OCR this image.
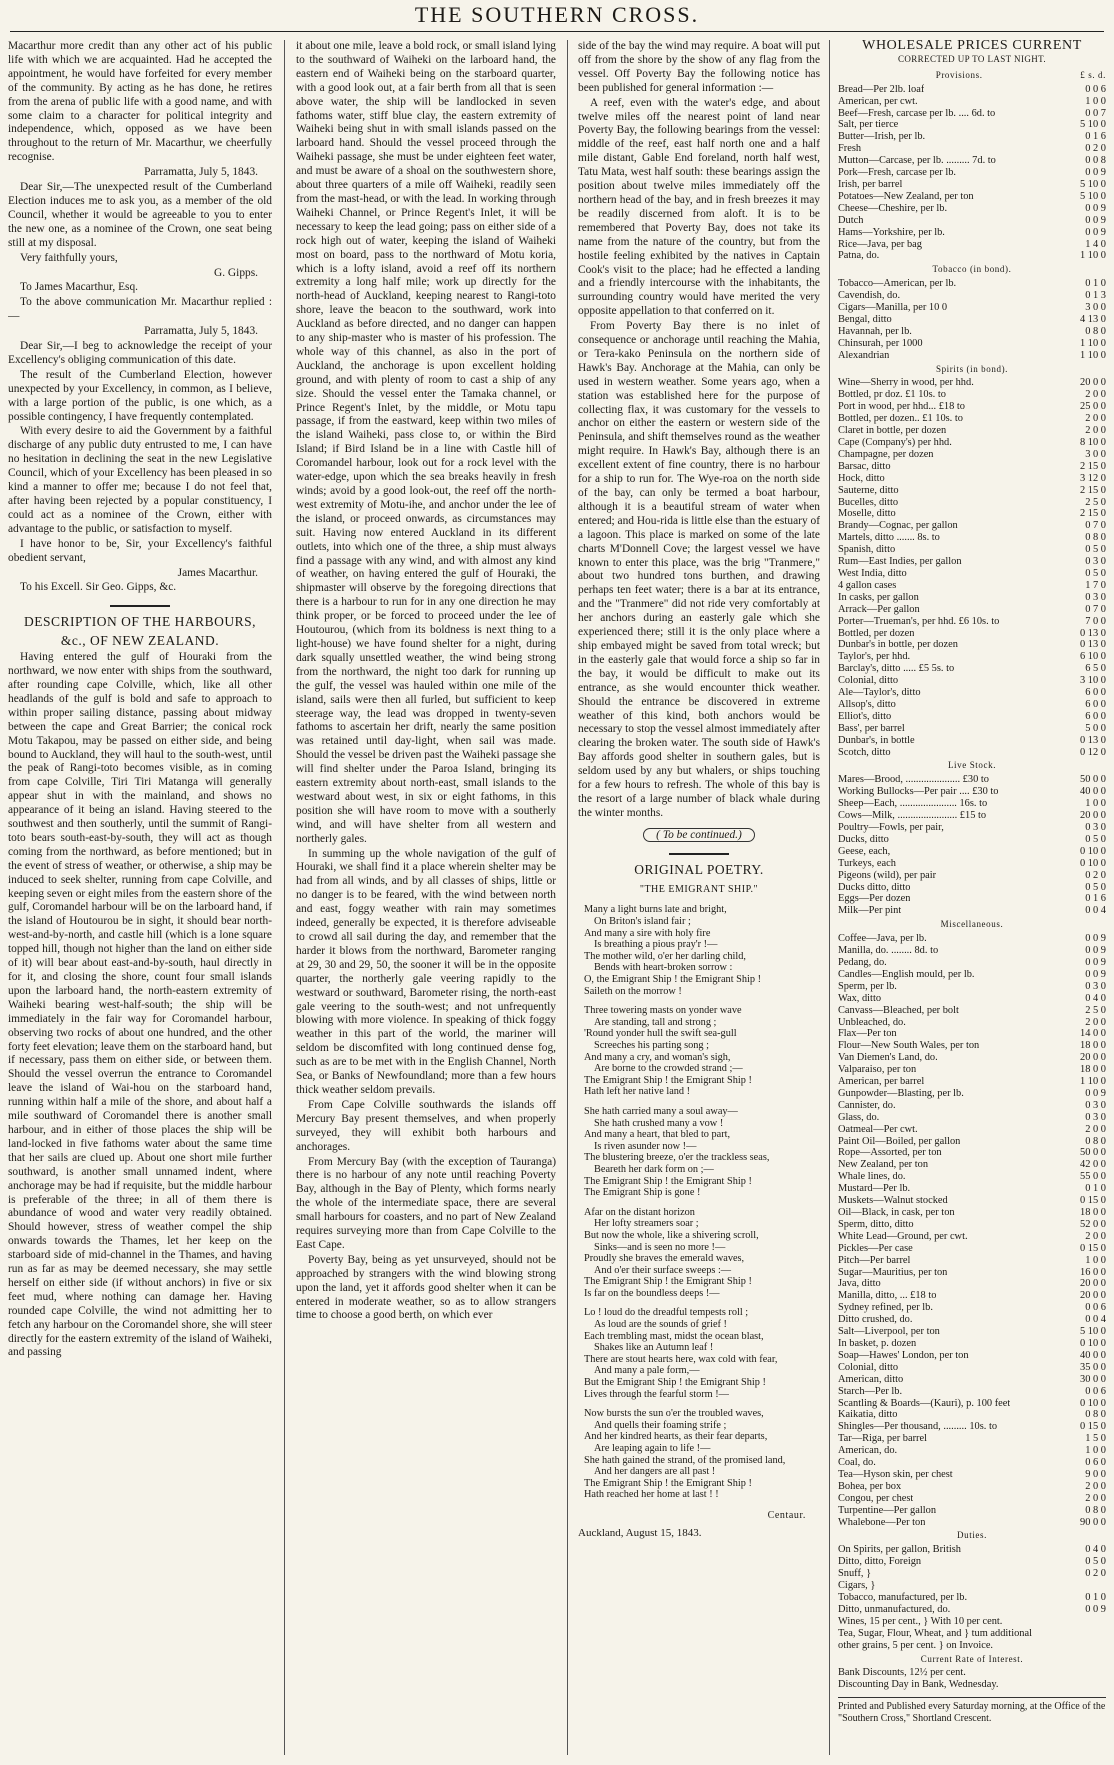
THE SOUTHERN CROSS.

Macarthur more credit than any other act of his public life with which we are acquainted. Had he accepted the appointment, he would have forfeited for every member of the community. By acting as he has done, he retires from the arena of public life with a good name, and with some claim to a character for political integrity and independence, which, opposed as we have been throughout to the return of Mr. Macarthur, we cheerfully recognise.

Parramatta, July 5, 1843.

Dear Sir,—The unexpected result of the Cumberland Election induces me to ask you, as a member of the old Council, whether it would be agreeable to you to enter the new one, as a nominee of the Crown, one seat being still at my disposal.

Very faithfully yours,

G. Gipps.

To James Macarthur, Esq.

To the above communication Mr. Macarthur replied :—

Parramatta, July 5, 1843.

Dear Sir,—I beg to acknowledge the receipt of your Excellency's obliging communication of this date.

The result of the Cumberland Election, however unexpected by your Excellency, in common, as I believe, with a large portion of the public, is one which, as a possible contingency, I have frequently contemplated.

With every desire to aid the Government by a faithful discharge of any public duty entrusted to me, I can have no hesitation in declining the seat in the new Legislative Council, which of your Excellency has been pleased in so kind a manner to offer me; because I do not feel that, after having been rejected by a popular constituency, I could act as a nominee of the Crown, either with advantage to the public, or satisfaction to myself.

I have honor to be, Sir, your Excellency's faithful obedient servant,

James Macarthur.

To his Excell. Sir Geo. Gipps, &c.

DESCRIPTION OF THE HARBOURS,
&c., OF NEW ZEALAND.

Having entered the gulf of Houraki from the northward, we now enter with ships from the southward, after rounding cape Colville, which, like all other headlands of the gulf is bold and safe to approach to within proper sailing distance, passing about midway between the cape and Great Barrier; the conical rock Motu Takapou, may be passed on either side, and being bound to Auckland, they will haul to the south-west, until the peak of Rangi-toto becomes visible, as in coming from cape Colville, Tiri Tiri Matanga will generally appear shut in with the mainland, and shows no appearance of it being an island. Having steered to the southwest and then southerly, until the summit of Rangi-toto bears south-east-by-south, they will act as though coming from the northward, as before mentioned; but in the event of stress of weather, or otherwise, a ship may be induced to seek shelter, running from cape Colville, and keeping seven or eight miles from the eastern shore of the gulf, Coromandel harbour will be on the larboard hand, if the island of Houtourou be in sight, it should bear north-west-and-by-north, and castle hill (which is a lone square topped hill, though not higher than the land on either side of it) will bear about east-and-by-south, haul directly in for it, and closing the shore, count four small islands upon the larboard hand, the north-eastern extremity of Waiheki bearing west-half-south; the ship will be immediately in the fair way for Coromandel harbour, observing two rocks of about one hundred, and the other forty feet elevation; leave them on the starboard hand, but if necessary, pass them on either side, or between them. Should the vessel overrun the entrance to Coromandel leave the island of Wai-hou on the starboard hand, running within half a mile of the shore, and about half a mile southward of Coromandel there is another small harbour, and in either of those places the ship will be land-locked in five fathoms water about the same time that her sails are clued up. About one short mile further southward, is another small unnamed indent, where anchorage may be had if requisite, but the middle harbour is preferable of the three; in all of them there is abundance of wood and water very readily obtained. Should however, stress of weather compel the ship onwards towards the Thames, let her keep on the starboard side of mid-channel in the Thames, and having run as far as may be deemed necessary, she may settle herself on either side (if without anchors) in five or six feet mud, where nothing can damage her. Having rounded cape Colville, the wind not admitting her to fetch any harbour on the Coromandel shore, she will steer directly for the eastern extremity of the island of Waiheki, and passing

it about one mile, leave a bold rock, or small island lying to the southward of Waiheki on the larboard hand, the eastern end of Waiheki being on the starboard quarter, with a good look out, at a fair berth from all that is seen above water, the ship will be landlocked in seven fathoms water, stiff blue clay, the eastern extremity of Waiheki being shut in with small islands passed on the larboard hand. Should the vessel proceed through the Waiheki passage, she must be under eighteen feet water, and must be aware of a shoal on the southwestern shore, about three quarters of a mile off Waiheki, readily seen from the mast-head, or with the lead. In working through Waiheki Channel, or Prince Regent's Inlet, it will be necessary to keep the lead going; pass on either side of a rock high out of water, keeping the island of Waiheki most on board, pass to the northward of Motu koria, which is a lofty island, avoid a reef off its northern extremity a long half mile; work up directly for the north-head of Auckland, keeping nearest to Rangi-toto shore, leave the beacon to the southward, work into Auckland as before directed, and no danger can happen to any ship-master who is master of his profession. The whole way of this channel, as also in the port of Auckland, the anchorage is upon excellent holding ground, and with plenty of room to cast a ship of any size. Should the vessel enter the Tamaka channel, or Prince Regent's Inlet, by the middle, or Motu tapu passage, if from the eastward, keep within two miles of the island Waiheki, pass close to, or within the Bird Island; if Bird Island be in a line with Castle hill of Coromandel harbour, look out for a rock level with the water-edge, upon which the sea breaks heavily in fresh winds; avoid by a good look-out, the reef off the north-west extremity of Motu-ihe, and anchor under the lee of the island, or proceed onwards, as circumstances may suit. Having now entered Auckland in its different outlets, into which one of the three, a ship must always find a passage with any wind, and with almost any kind of weather, on having entered the gulf of Houraki, the shipmaster will observe by the foregoing directions that there is a harbour to run for in any one direction he may think proper, or be forced to proceed under the lee of Houtourou, (which from its boldness is next thing to a light-house) we have found shelter for a night, during dark squally unsettled weather, the wind being strong from the northward, the night too dark for running up the gulf, the vessel was hauled within one mile of the island, sails were then all furled, but sufficient to keep steerage way, the lead was dropped in twenty-seven fathoms to ascertain her drift, nearly the same position was retained until day-light, when sail was made. Should the vessel be driven past the Waiheki passage she will find shelter under the Paroa Island, bringing its eastern extremity about north-east, small islands to the westward about west, in six or eight fathoms, in this position she will have room to move with a southerly wind, and will have shelter from all western and northerly gales.

In summing up the whole navigation of the gulf of Houraki, we shall find it a place wherein shelter may be had from all winds, and by all classes of ships, little or no danger is to be feared, with the wind between north and east, foggy weather with rain may sometimes indeed, generally be expected, it is therefore adviseable to crowd all sail during the day, and remember that the harder it blows from the northward, Barometer ranging at 29, 30 and 29, 50, the sooner it will be in the opposite quarter, the northerly gale veering rapidly to the westward or southward, Barometer rising, the north-east gale veering to the south-west; and not unfrequently blowing with more violence. In speaking of thick foggy weather in this part of the world, the mariner will seldom be discomfited with long continued dense fog, such as are to be met with in the English Channel, North Sea, or Banks of Newfoundland; more than a few hours thick weather seldom prevails.

From Cape Colville southwards the islands off Mercury Bay present themselves, and when properly surveyed, they will exhibit both harbours and anchorages.

From Mercury Bay (with the exception of Tauranga) there is no harbour of any note until reaching Poverty Bay, although in the Bay of Plenty, which forms nearly the whole of the intermediate space, there are several small harbours for coasters, and no part of New Zealand requires surveying more than from Cape Colville to the East Cape.

Poverty Bay, being as yet unsurveyed, should not be approached by strangers with the wind blowing strong upon the land, yet it affords good shelter when it can be entered in moderate weather, so as to allow strangers time to choose a good berth, on which ever

side of the bay the wind may require. A boat will put off from the shore by the show of any flag from the vessel. Off Poverty Bay the following notice has been published for general information :—

A reef, even with the water's edge, and about twelve miles off the nearest point of land near Poverty Bay, the following bearings from the vessel: middle of the reef, east half north one and a half mile distant, Gable End foreland, north half west, Tatu Mata, west half south: these bearings assign the position about twelve miles immediately off the northern head of the bay, and in fresh breezes it may be readily discerned from aloft. It is to be remembered that Poverty Bay, does not take its name from the nature of the country, but from the hostile feeling exhibited by the natives in Captain Cook's visit to the place; had he effected a landing and a friendly intercourse with the inhabitants, the surrounding country would have merited the very opposite appellation to that conferred on it.

From Poverty Bay there is no inlet of consequence or anchorage until reaching the Mahia, or Tera-kako Peninsula on the northern side of Hawk's Bay. Anchorage at the Mahia, can only be used in western weather. Some years ago, when a station was established here for the purpose of collecting flax, it was customary for the vessels to anchor on either the eastern or western side of the Peninsula, and shift themselves round as the weather might require. In Hawk's Bay, although there is an excellent extent of fine country, there is no harbour for a ship to run for. The Wye-roa on the north side of the bay, can only be termed a boat harbour, although it is a beautiful stream of water when entered; and Hou-rida is little else than the estuary of a lagoon. This place is marked on some of the late charts M'Donnell Cove; the largest vessel we have known to enter this place, was the brig "Tranmere," about two hundred tons burthen, and drawing perhaps ten feet water; there is a bar at its entrance, and the "Tranmere" did not ride very comfortably at her anchors during an easterly gale which she experienced there; still it is the only place where a ship embayed might be saved from total wreck; but in the easterly gale that would force a ship so far in the bay, it would be difficult to make out its entrance, as she would encounter thick weather. Should the entrance be discovered in extreme weather of this kind, both anchors would be necessary to stop the vessel almost immediately after clearing the broken water. The south side of Hawk's Bay affords good shelter in southern gales, but is seldom used by any but whalers, or ships touching for a few hours to refresh. The whole of this bay is the resort of a large number of black whale during the winter months.

( To be continued.)
ORIGINAL POETRY.
"THE EMIGRANT SHIP."
Many a light burns late and bright,
On Briton's island fair ;
And many a sire with holy fire
Is breathing a pious pray'r !—
The mother wild, o'er her darling child,
Bends with heart-broken sorrow :
O, the Emigrant Ship ! the Emigrant Ship !
Saileth on the morrow !
Three towering masts on yonder wave
Are standing, tall and strong ;
'Round yonder hull the swift sea-gull
Screeches his parting song ;
And many a cry, and woman's sigh,
Are borne to the crowded strand ;—
The Emigrant Ship ! the Emigrant Ship !
Hath left her native land !
She hath carried many a soul away—
She hath crushed many a vow !
And many a heart, that bled to part,
Is riven asunder now !—
The blustering breeze, o'er the trackless seas,
Beareth her dark form on ;—
The Emigrant Ship ! the Emigrant Ship !
The Emigrant Ship is gone !
Afar on the distant horizon
Her lofty streamers soar ;
But now the whole, like a shivering scroll,
Sinks—and is seen no more !—
Proudly she braves the emerald waves,
And o'er their surface sweeps :—
The Emigrant Ship ! the Emigrant Ship !
Is far on the boundless deeps !—
Lo ! loud do the dreadful tempests roll ;
As loud are the sounds of grief !
Each trembling mast, midst the ocean blast,
Shakes like an Autumn leaf !
There are stout hearts here, wax cold with fear,
And many a pale form,—
But the Emigrant Ship ! the Emigrant Ship !
Lives through the fearful storm !—
Now bursts the sun o'er the troubled waves,
And quells their foaming strife ;
And her kindred hearts, as their fear departs,
Are leaping again to life !—
She hath gained the strand, of the promised land,
And her dangers are all past !
The Emigrant Ship ! the Emigrant Ship !
Hath reached her home at last ! !
Centaur.
Auckland, August 15, 1843.
WHOLESALE PRICES CURRENT
CORRECTED UP TO LAST NIGHT.
Provisions.	£ s. d.
Bread—Per 2lb. loaf	0 0 6
American, per cwt.	1 0 0
Beef—Fresh, carcase per lb. .... 6d. to	0 0 7
Salt, per tierce	5 10 0
Butter—Irish, per lb.	0 1 6
Fresh	0 2 0
Mutton—Carcase, per lb. ......... 7d. to	0 0 8
Pork—Fresh, carcase per lb.	0 0 9
Irish, per barrel	5 10 0
Potatoes—New Zealand, per ton	5 10 0
Cheese—Cheshire, per lb.	0 0 9
Dutch	0 0 9
Hams—Yorkshire, per lb.	0 0 9
Rice—Java, per bag	1 4 0
Patna, do.	1 10 0
Tobacco (in bond).
Tobacco—American, per lb.	0 1 0
Cavendish, do.	0 1 3
Cigars—Manilla, per 10 0	3 0 0
Bengal, ditto	4 13 0
Havannah, per lb.	0 8 0
Chinsurah, per 1000	1 10 0
Alexandrian	1 10 0
Spirits (in bond).
Wine—Sherry in wood, per hhd.	20 0 0
Bottled, pr doz. £1 10s. to	2 0 0
Port in wood, per hhd... £18 to	25 0 0
Bottled, per dozen.. £1 10s. to	2 0 0
Claret in bottle, per dozen	2 0 0
Cape (Company's) per hhd.	8 10 0
Champagne, per dozen	3 0 0
Barsac, ditto	2 15 0
Hock, ditto	3 12 0
Sauterne, ditto	2 15 0
Bucelles, ditto	2 5 0
Moselle, ditto	2 15 0
Brandy—Cognac, per gallon	0 7 0
Martels, ditto ....... 8s. to	0 8 0
Spanish, ditto	0 5 0
Rum—East Indies, per gallon	0 3 0
West India, ditto	0 5 0
4 gallon cases	1 7 0
In casks, per gallon	0 3 0
Arrack—Per gallon	0 7 0
Porter—Trueman's, per hhd. £6 10s. to	7 0 0
Bottled, per dozen	0 13 0
Dunbar's in bottle, per dozen	0 13 0
Taylor's, per hhd.	6 10 0
Barclay's, ditto ..... £5 5s. to	6 5 0
Colonial, ditto	3 10 0
Ale—Taylor's, ditto	6 0 0
Allsop's, ditto	6 0 0
Elliot's, ditto	6 0 0
Bass', per barrel	5 0 0
Dunbar's, in bottle	0 13 0
Scotch, ditto	0 12 0
Live Stock.
Mares—Brood, ..................... £30 to	50 0 0
Working Bullocks—Per pair .... £30 to	40 0 0
Sheep—Each, ...................... 16s. to	1 0 0
Cows—Milk, ....................... £15 to	20 0 0
Poultry—Fowls, per pair,	0 3 0
Ducks, ditto	0 5 0
Geese, each,	0 10 0
Turkeys, each	0 10 0
Pigeons (wild), per pair	0 2 0
Ducks ditto, ditto	0 5 0
Eggs—Per dozen	0 1 6
Milk—Per pint	0 0 4
Miscellaneous.
Coffee—Java, per lb.	0 0 9
Manilla, do. ........ 8d. to	0 0 9
Pedang, do.	0 0 9
Candles—English mould, per lb.	0 0 9
Sperm, per lb.	0 3 0
Wax, ditto	0 4 0
Canvass—Bleached, per bolt	2 5 0
Unbleached, do.	2 0 0
Flax—Per ton	14 0 0
Flour—New South Wales, per ton	18 0 0
Van Diemen's Land, do.	20 0 0
Valparaiso, per ton	18 0 0
American, per barrel	1 10 0
Gunpowder—Blasting, per lb.	0 0 9
Cannister, do.	0 3 0
Glass, do.	0 3 0
Oatmeal—Per cwt.	2 0 0
Paint Oil—Boiled, per gallon	0 8 0
Rope—Assorted, per ton	50 0 0
New Zealand, per ton	42 0 0
Whale lines, do.	55 0 0
Mustard—Per lb.	0 1 0
Muskets—Walnut stocked	0 15 0
Oil—Black, in cask, per ton	18 0 0
Sperm, ditto, ditto	52 0 0
White Lead—Ground, per cwt.	2 0 0
Pickles—Per case	0 15 0
Pitch—Per barrel	1 0 0
Sugar—Mauritius, per ton	16 0 0
Java, ditto	20 0 0
Manilla, ditto, ... £18 to	20 0 0
Sydney refined, per lb.	0 0 6
Ditto crushed, do.	0 0 4
Salt—Liverpool, per ton	5 10 0
In basket, p. dozen	0 10 0
Soap—Hawes' London, per ton	40 0 0
Colonial, ditto	35 0 0
American, ditto	30 0 0
Starch—Per lb.	0 0 6
Scantling & Boards—(Kauri), p. 100 feet	0 10 0
Kaikatia, ditto	0 8 0
Shingles—Per thousand, ......... 10s. to	0 15 0
Tar—Riga, per barrel	1 5 0
American, do.	1 0 0
Coal, do.	0 6 0
Tea—Hyson skin, per chest	9 0 0
Bohea, per box	2 0 0
Congou, per chest	2 0 0
Turpentine—Per gallon	0 8 0
Whalebone—Per ton	90 0 0
Duties.
On Spirits, per gallon, British	0 4 0
Ditto, ditto, Foreign	0 5 0
Snuff, }	0 2 0
Cigars, }
Tobacco, manufactured, per lb.	0 1 0
Ditto, unmanufactured, do.	0 0 9
Wines, 15 per cent., } With 10 per cent.
Tea, Sugar, Flour, Wheat, and } tum additional
other grains, 5 per cent. } on Invoice.
Current Rate of Interest.
Bank Discounts, 12½ per cent.
Discounting Day in Bank, Wednesday.
Printed and Published every Saturday morning, at the Office of the "Southern Cross," Shortland Crescent.
